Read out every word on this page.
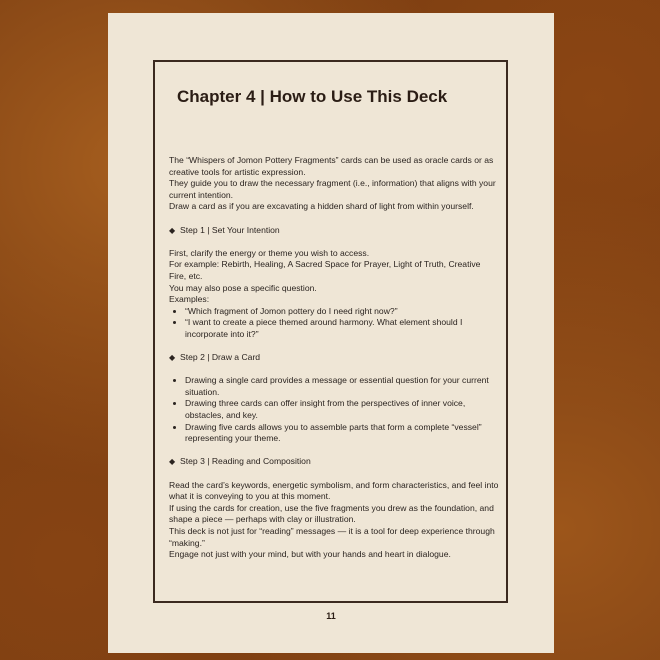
Chapter 4 | How to Use This Deck

The “Whispers of Jomon Pottery Fragments” cards can be used as oracle cards or as creative tools for artistic expression.

They guide you to draw the necessary fragment (i.e., information) that aligns with your current intention.

Draw a card as if you are excavating a hidden shard of light from within yourself.

◆ Step 1 | Set Your Intention

First, clarify the energy or theme you wish to access.

For example: Rebirth, Healing, A Sacred Space for Prayer, Light of Truth, Creative Fire, etc.

You may also pose a specific question.

Examples:

• “Which fragment of Jomon pottery do I need right now?”
• “I want to create a piece themed around harmony. What element should I incorporate into it?”

◆ Step 2 | Draw a Card

• Drawing a single card provides a message or essential question for your current situation.
• Drawing three cards can offer insight from the perspectives of inner voice, obstacles, and key.
• Drawing five cards allows you to assemble parts that form a complete “vessel” representing your theme.

◆ Step 3 | Reading and Composition

Read the card’s keywords, energetic symbolism, and form characteristics, and feel into what it is conveying to you at this moment.

If using the cards for creation, use the five fragments you drew as the foundation, and shape a piece — perhaps with clay or illustration.

This deck is not just for “reading” messages — it is a tool for deep experience through “making.”

Engage not just with your mind, but with your hands and heart in dialogue.

11
